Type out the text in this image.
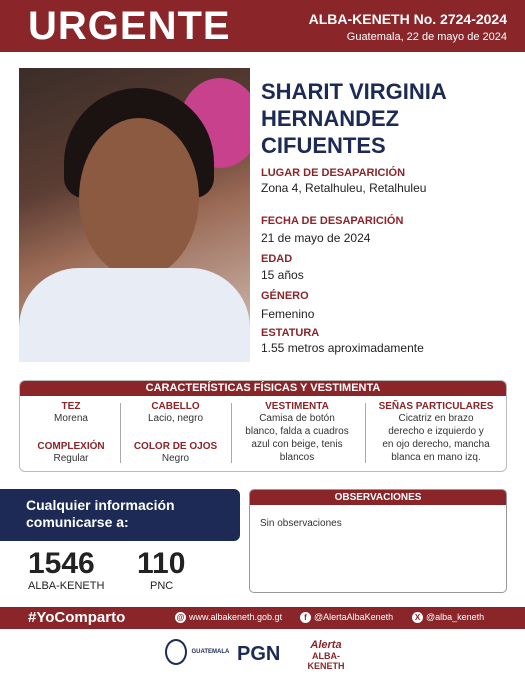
URGENTE	ALBA-KENETH No. 2724-2024
Guatemala, 22 de mayo de 2024
SHARIT VIRGINIA
HERNANDEZ
CIFUENTES
LUGAR DE DESAPARICIÓN
Zona 4, Retalhuleu, Retalhuleu
FECHA DE DESAPARICIÓN
21 de mayo de 2024
EDAD
15 años
GÉNERO
Femenino
ESTATURA
1.55 metros aproximadamente
CARACTERÍSTICAS FÍSICAS Y VESTIMENTA
TEZ
Morena
COMPLEXIÓN
Regular
CABELLO
Lacio, negro
COLOR DE OJOS
Negro
VESTIMENTA
Camisa de botón
blanco, falda a cuadros
azul con beige, tenis
blancos
SEÑAS PARTICULARES
Cicatriz en brazo
derecho e izquierdo y
en ojo derecho, mancha
blanca en mano izq.
Cualquier información
comunicarse a:
1546
ALBA-KENETH
110
PNC
OBSERVACIONES
Sin observaciones
#YoComparto	@ www.albakeneth.gob.gt	f @AlertaAlbaKeneth	X @alba_keneth
GUATEMALA PGN	Alerta
ALBA-KENETH
